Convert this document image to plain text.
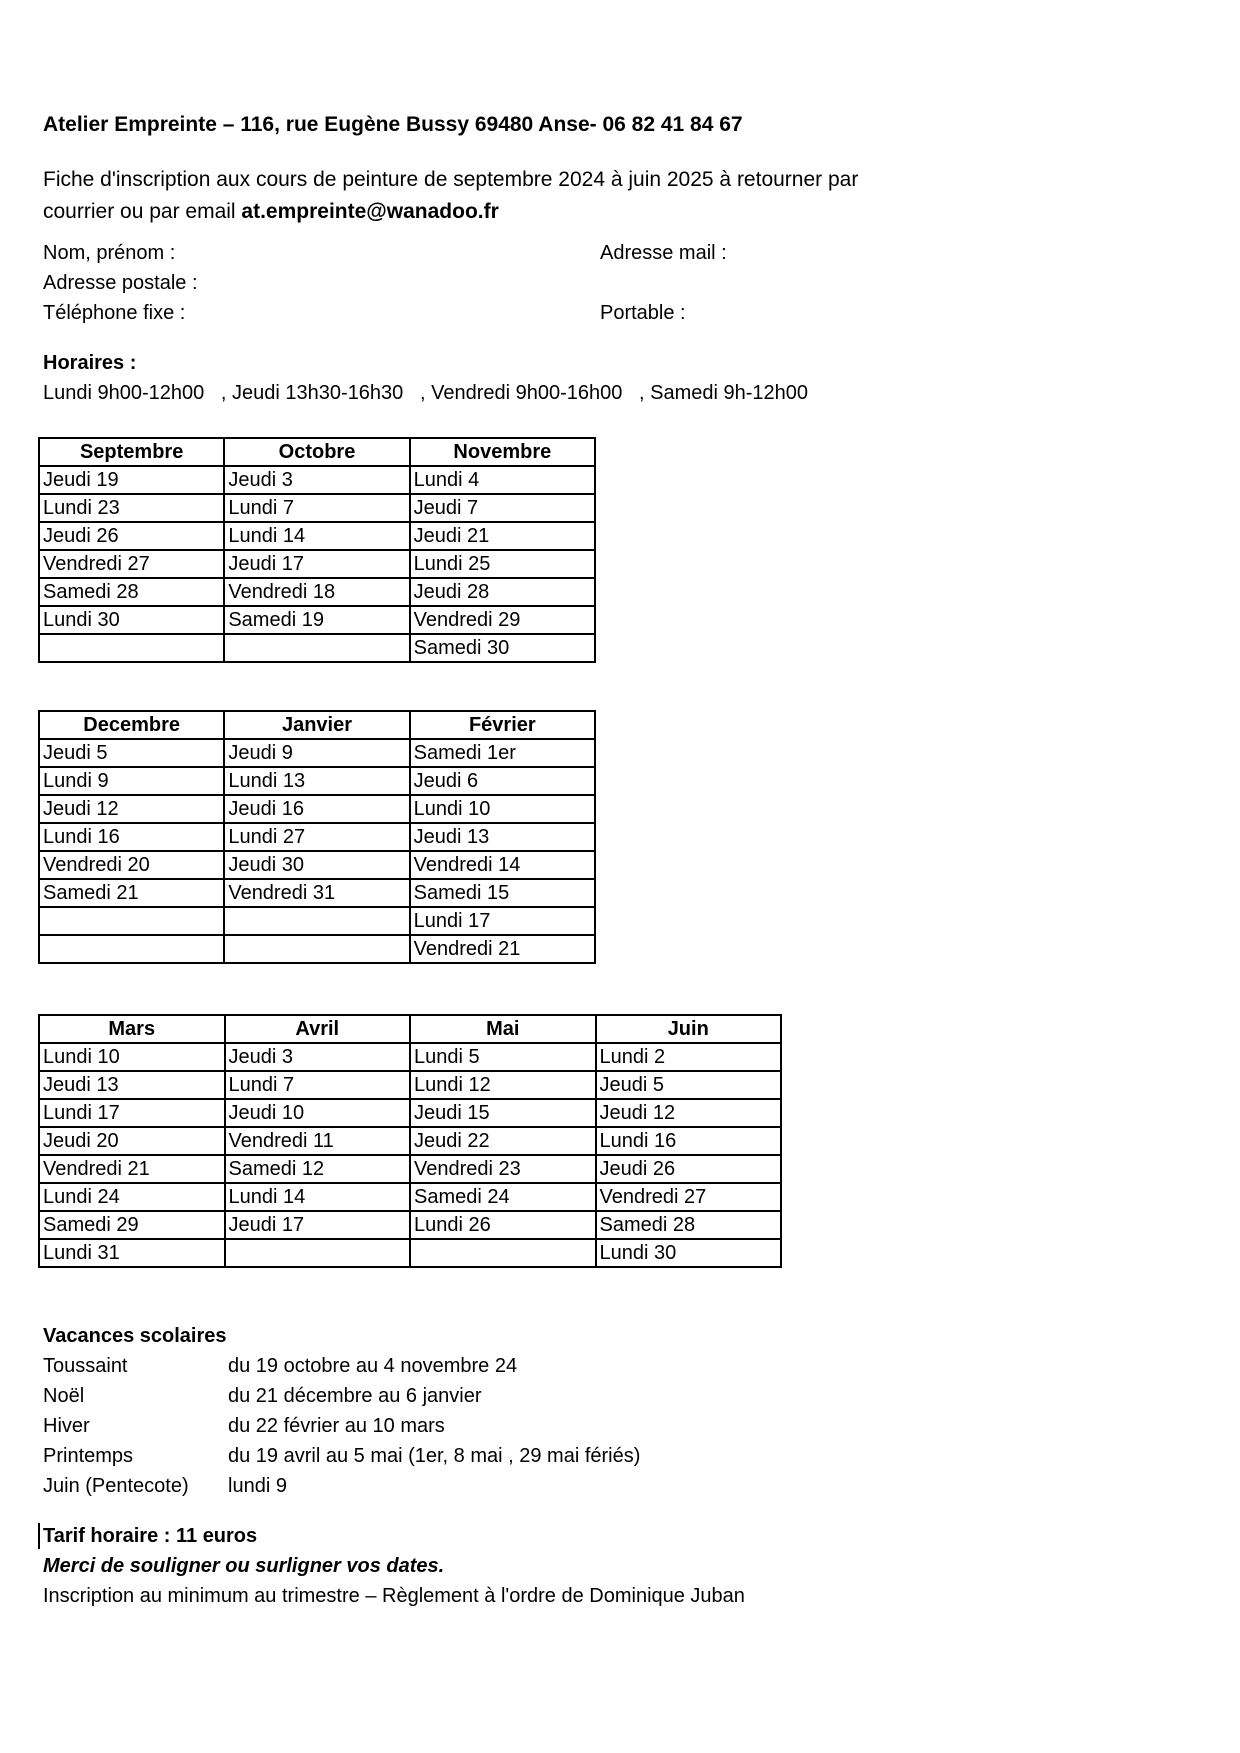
Atelier Empreinte – 116, rue Eugène Bussy 69480 Anse- 06 82 41 84 67
Fiche d'inscription aux cours de peinture de septembre 2024 à juin 2025 à retourner par
courrier ou par email at.empreinte@wanadoo.fr
Nom, prénom :	Adresse mail :
Adresse postale :
Téléphone fixe :	Portable :
Horaires :
Lundi 9h00-12h00   , Jeudi 13h30-16h30   , Vendredi 9h00-16h00   , Samedi 9h-12h00
Septembre	Octobre	Novembre
Jeudi 19	Jeudi 3	Lundi 4
Lundi 23	Lundi 7	Jeudi 7
Jeudi 26	Lundi 14	Jeudi 21
Vendredi 27	Jeudi 17	Lundi 25
Samedi 28	Vendredi 18	Jeudi 28
Lundi 30	Samedi 19	Vendredi 29
		Samedi 30
Decembre	Janvier	Février
Jeudi 5	Jeudi 9	Samedi 1er
Lundi 9	Lundi 13	Jeudi 6
Jeudi 12	Jeudi 16	Lundi 10
Lundi 16	Lundi 27	Jeudi 13
Vendredi 20	Jeudi 30	Vendredi 14
Samedi 21	Vendredi 31	Samedi 15
		Lundi 17
		Vendredi 21
Mars	Avril	Mai	Juin
Lundi 10	Jeudi 3	Lundi 5	Lundi 2
Jeudi 13	Lundi 7	Lundi 12	Jeudi 5
Lundi 17	Jeudi 10	Jeudi 15	Jeudi 12
Jeudi 20	Vendredi 11	Jeudi 22	Lundi 16
Vendredi 21	Samedi 12	Vendredi 23	Jeudi 26
Lundi 24	Lundi 14	Samedi 24	Vendredi 27
Samedi 29	Jeudi 17	Lundi 26	Samedi 28
Lundi 31			Lundi 30
Vacances scolaires
Toussaint	du 19 octobre au 4 novembre 24
Noël	du 21 décembre au 6 janvier
Hiver	du 22 février au 10 mars
Printemps	du 19 avril au 5 mai (1er, 8 mai , 29 mai fériés)
Juin (Pentecote) lundi 9
Tarif horaire : 11 euros
Merci de souligner ou surligner vos dates.
Inscription au minimum au trimestre – Règlement à l'ordre de Dominique Juban
